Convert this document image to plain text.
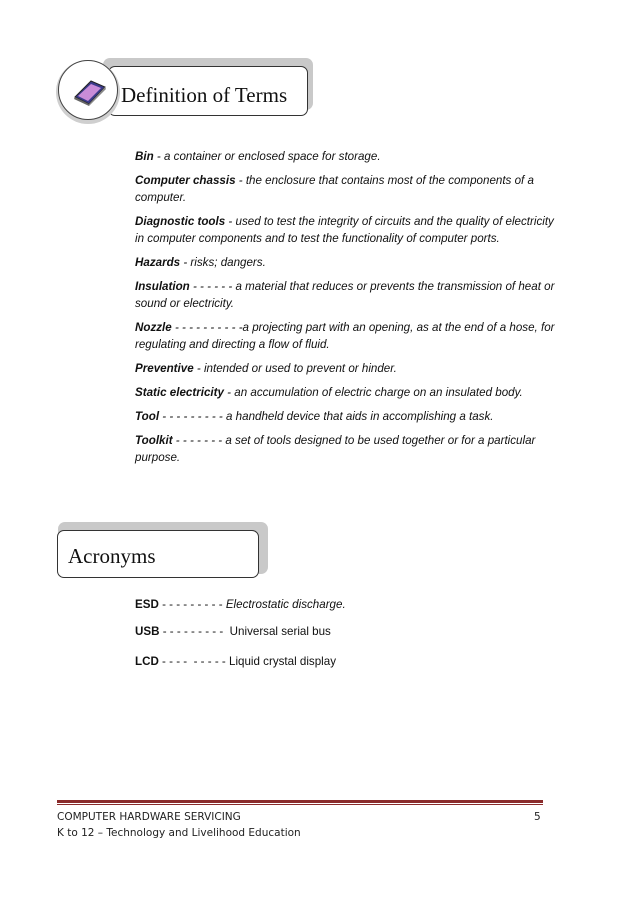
Definition of Terms
Bin - a container or enclosed space for storage.
Computer chassis - the enclosure that contains most of the components of a computer.
Diagnostic tools - used to test the integrity of circuits and the quality of electricity in computer components and to test the functionality of computer ports.
Hazards - risks; dangers.
Insulation - - - - - - a material that reduces or prevents the transmission of heat or sound or electricity.
Nozzle - - - - - - - - - -a projecting part with an opening, as at the end of a hose, for regulating and directing a flow of fluid.
Preventive - intended or used to prevent or hinder.
Static electricity - an accumulation of electric charge on an insulated body.
Tool - - - - - - - - - a handheld device that aids in accomplishing a task.
Toolkit - - - - - - - a set of tools designed to be used together or for a particular purpose.
Acronyms
ESD - - - - - - - - - Electrostatic discharge.
USB - - - - - - - - -  Universal serial bus
LCD - - - -  - - - - - Liquid crystal display
COMPUTER HARDWARE SERVICING	5
K to 12 – Technology and Livelihood Education
